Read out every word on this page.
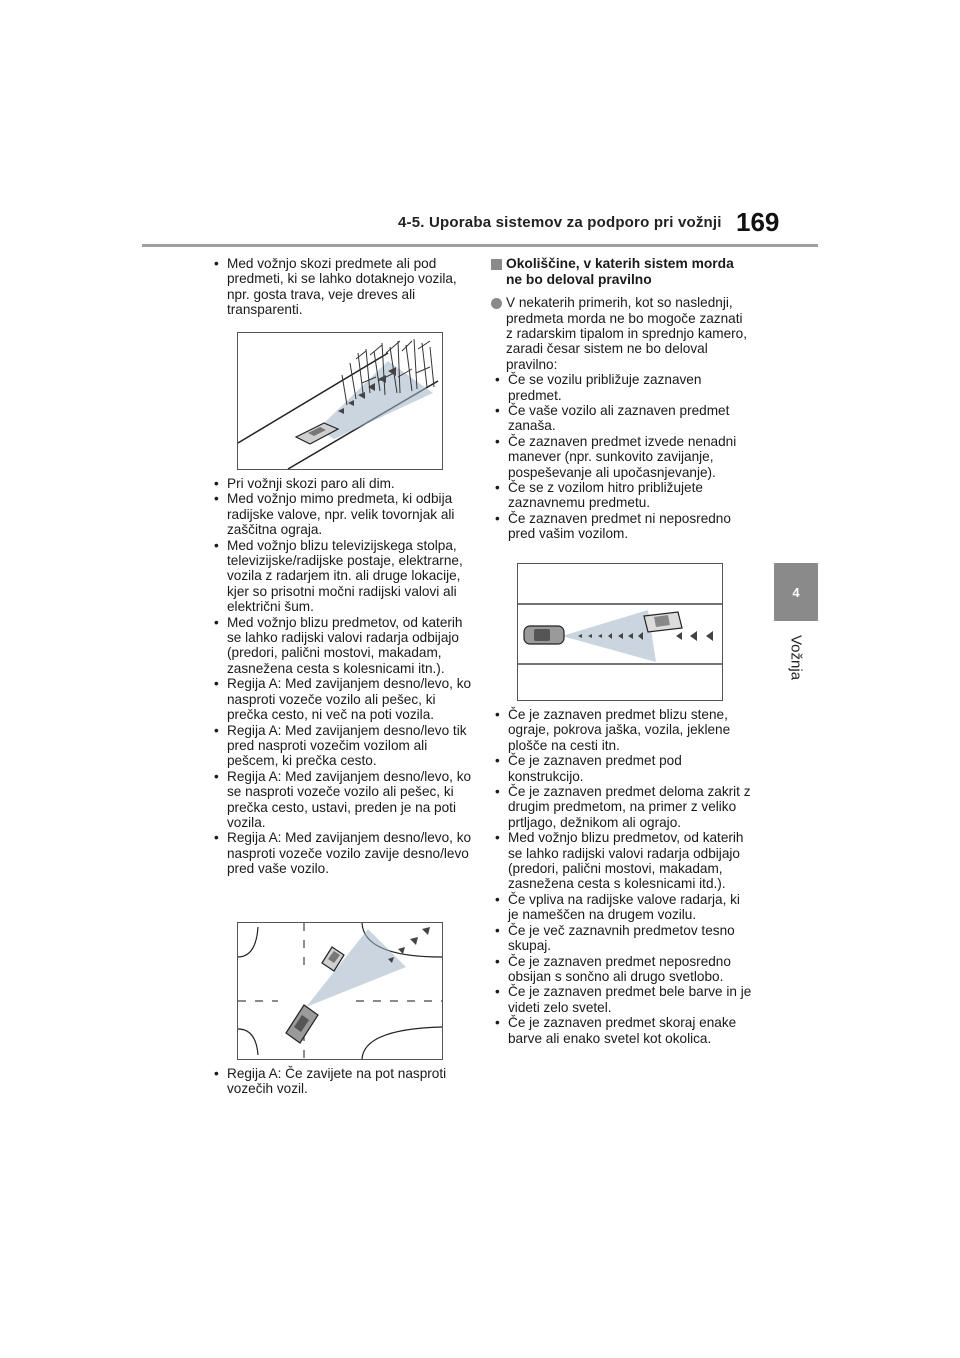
4-5. Uporaba sistemov za podporo pri vožnji 169
4
Vožnja
• Med vožnjo skozi predmete ali pod predmeti, ki se lahko dotaknejo vozila, npr. gosta trava, veje dreves ali transparenti.
• Pri vožnji skozi paro ali dim.
• Med vožnjo mimo predmeta, ki odbija radijske valove, npr. velik tovornjak ali zaščitna ograja.
• Med vožnjo blizu televizijskega stolpa, televizijske/radijske postaje, elektrarne, vozila z radarjem itn. ali druge lokacije, kjer so prisotni močni radijski valovi ali električni šum.
• Med vožnjo blizu predmetov, od katerih se lahko radijski valovi radarja odbijajo (predori, palični mostovi, makadam, zasnežena cesta s kolesnicami itn.).
• Regija A: Med zavijanjem desno/levo, ko nasproti vozeče vozilo ali pešec, ki prečka cesto, ni več na poti vozila.
• Regija A: Med zavijanjem desno/levo tik pred nasproti vozečim vozilom ali pešcem, ki prečka cesto.
• Regija A: Med zavijanjem desno/levo, ko se nasproti vozeče vozilo ali pešec, ki prečka cesto, ustavi, preden je na poti vozila.
• Regija A: Med zavijanjem desno/levo, ko nasproti vozeče vozilo zavije desno/levo pred vaše vozilo.
• Regija A: Če zavijete na pot nasproti vozečih vozil.
Okoliščine, v katerih sistem morda ne bo deloval pravilno
V nekaterih primerih, kot so naslednji, predmeta morda ne bo mogoče zaznati z radarskim tipalom in sprednjo kamero, zaradi česar sistem ne bo deloval pravilno:
• Če se vozilu približuje zaznaven predmet.
• Če vaše vozilo ali zaznaven predmet zanaša.
• Če zaznaven predmet izvede nenadni manever (npr. sunkovito zavijanje, pospeševanje ali upočasnjevanje).
• Če se z vozilom hitro približujete zaznavnemu predmetu.
• Če zaznaven predmet ni neposredno pred vašim vozilom.
• Če je zaznaven predmet blizu stene, ograje, pokrova jaška, vozila, jeklene plošče na cesti itn.
• Če je zaznaven predmet pod konstrukcijo.
• Če je zaznaven predmet deloma zakrit z drugim predmetom, na primer z veliko prtljago, dežnikom ali ograjo.
• Med vožnjo blizu predmetov, od katerih se lahko radijski valovi radarja odbijajo (predori, palični mostovi, makadam, zasnežena cesta s kolesnicami itd.).
• Če vpliva na radijske valove radarja, ki je nameščen na drugem vozilu.
• Če je več zaznavnih predmetov tesno skupaj.
• Če je zaznaven predmet neposredno obsijan s sončno ali drugo svetlobo.
• Če je zaznaven predmet bele barve in je videti zelo svetel.
• Če je zaznaven predmet skoraj enake barve ali enako svetel kot okolica.
